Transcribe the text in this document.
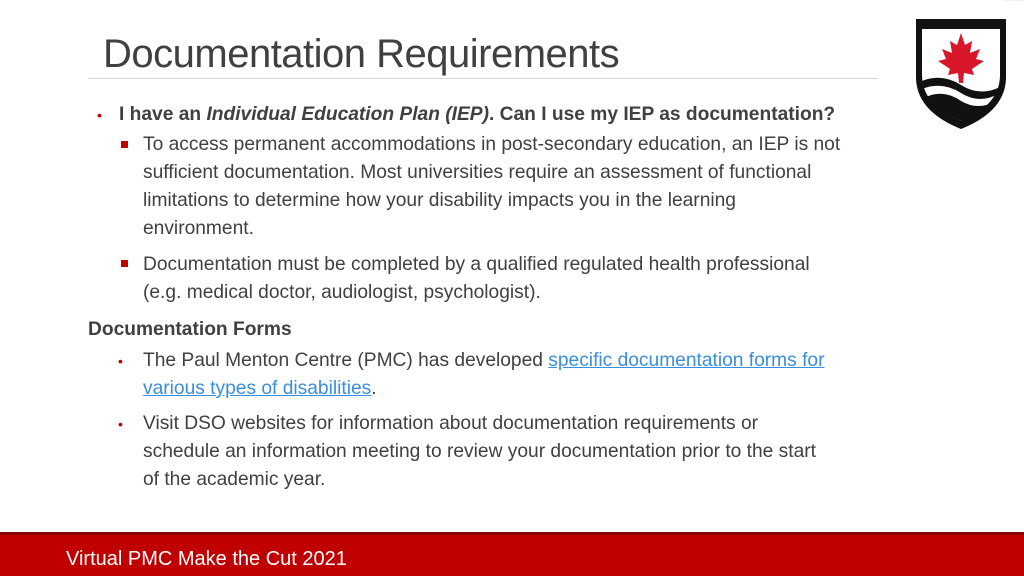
Documentation Requirements
• I have an Individual Education Plan (IEP). Can I use my IEP as documentation?
To access permanent accommodations in post-secondary education, an IEP is not
sufficient documentation. Most universities require an assessment of functional
limitations to determine how your disability impacts you in the learning
environment.
Documentation must be completed by a qualified regulated health professional
(e.g. medical doctor, audiologist, psychologist).
Documentation Forms
• The Paul Menton Centre (PMC) has developed specific documentation forms for
various types of disabilities.
• Visit DSO websites for information about documentation requirements or
schedule an information meeting to review your documentation prior to the start
of the academic year.
Virtual PMC Make the Cut 2021
